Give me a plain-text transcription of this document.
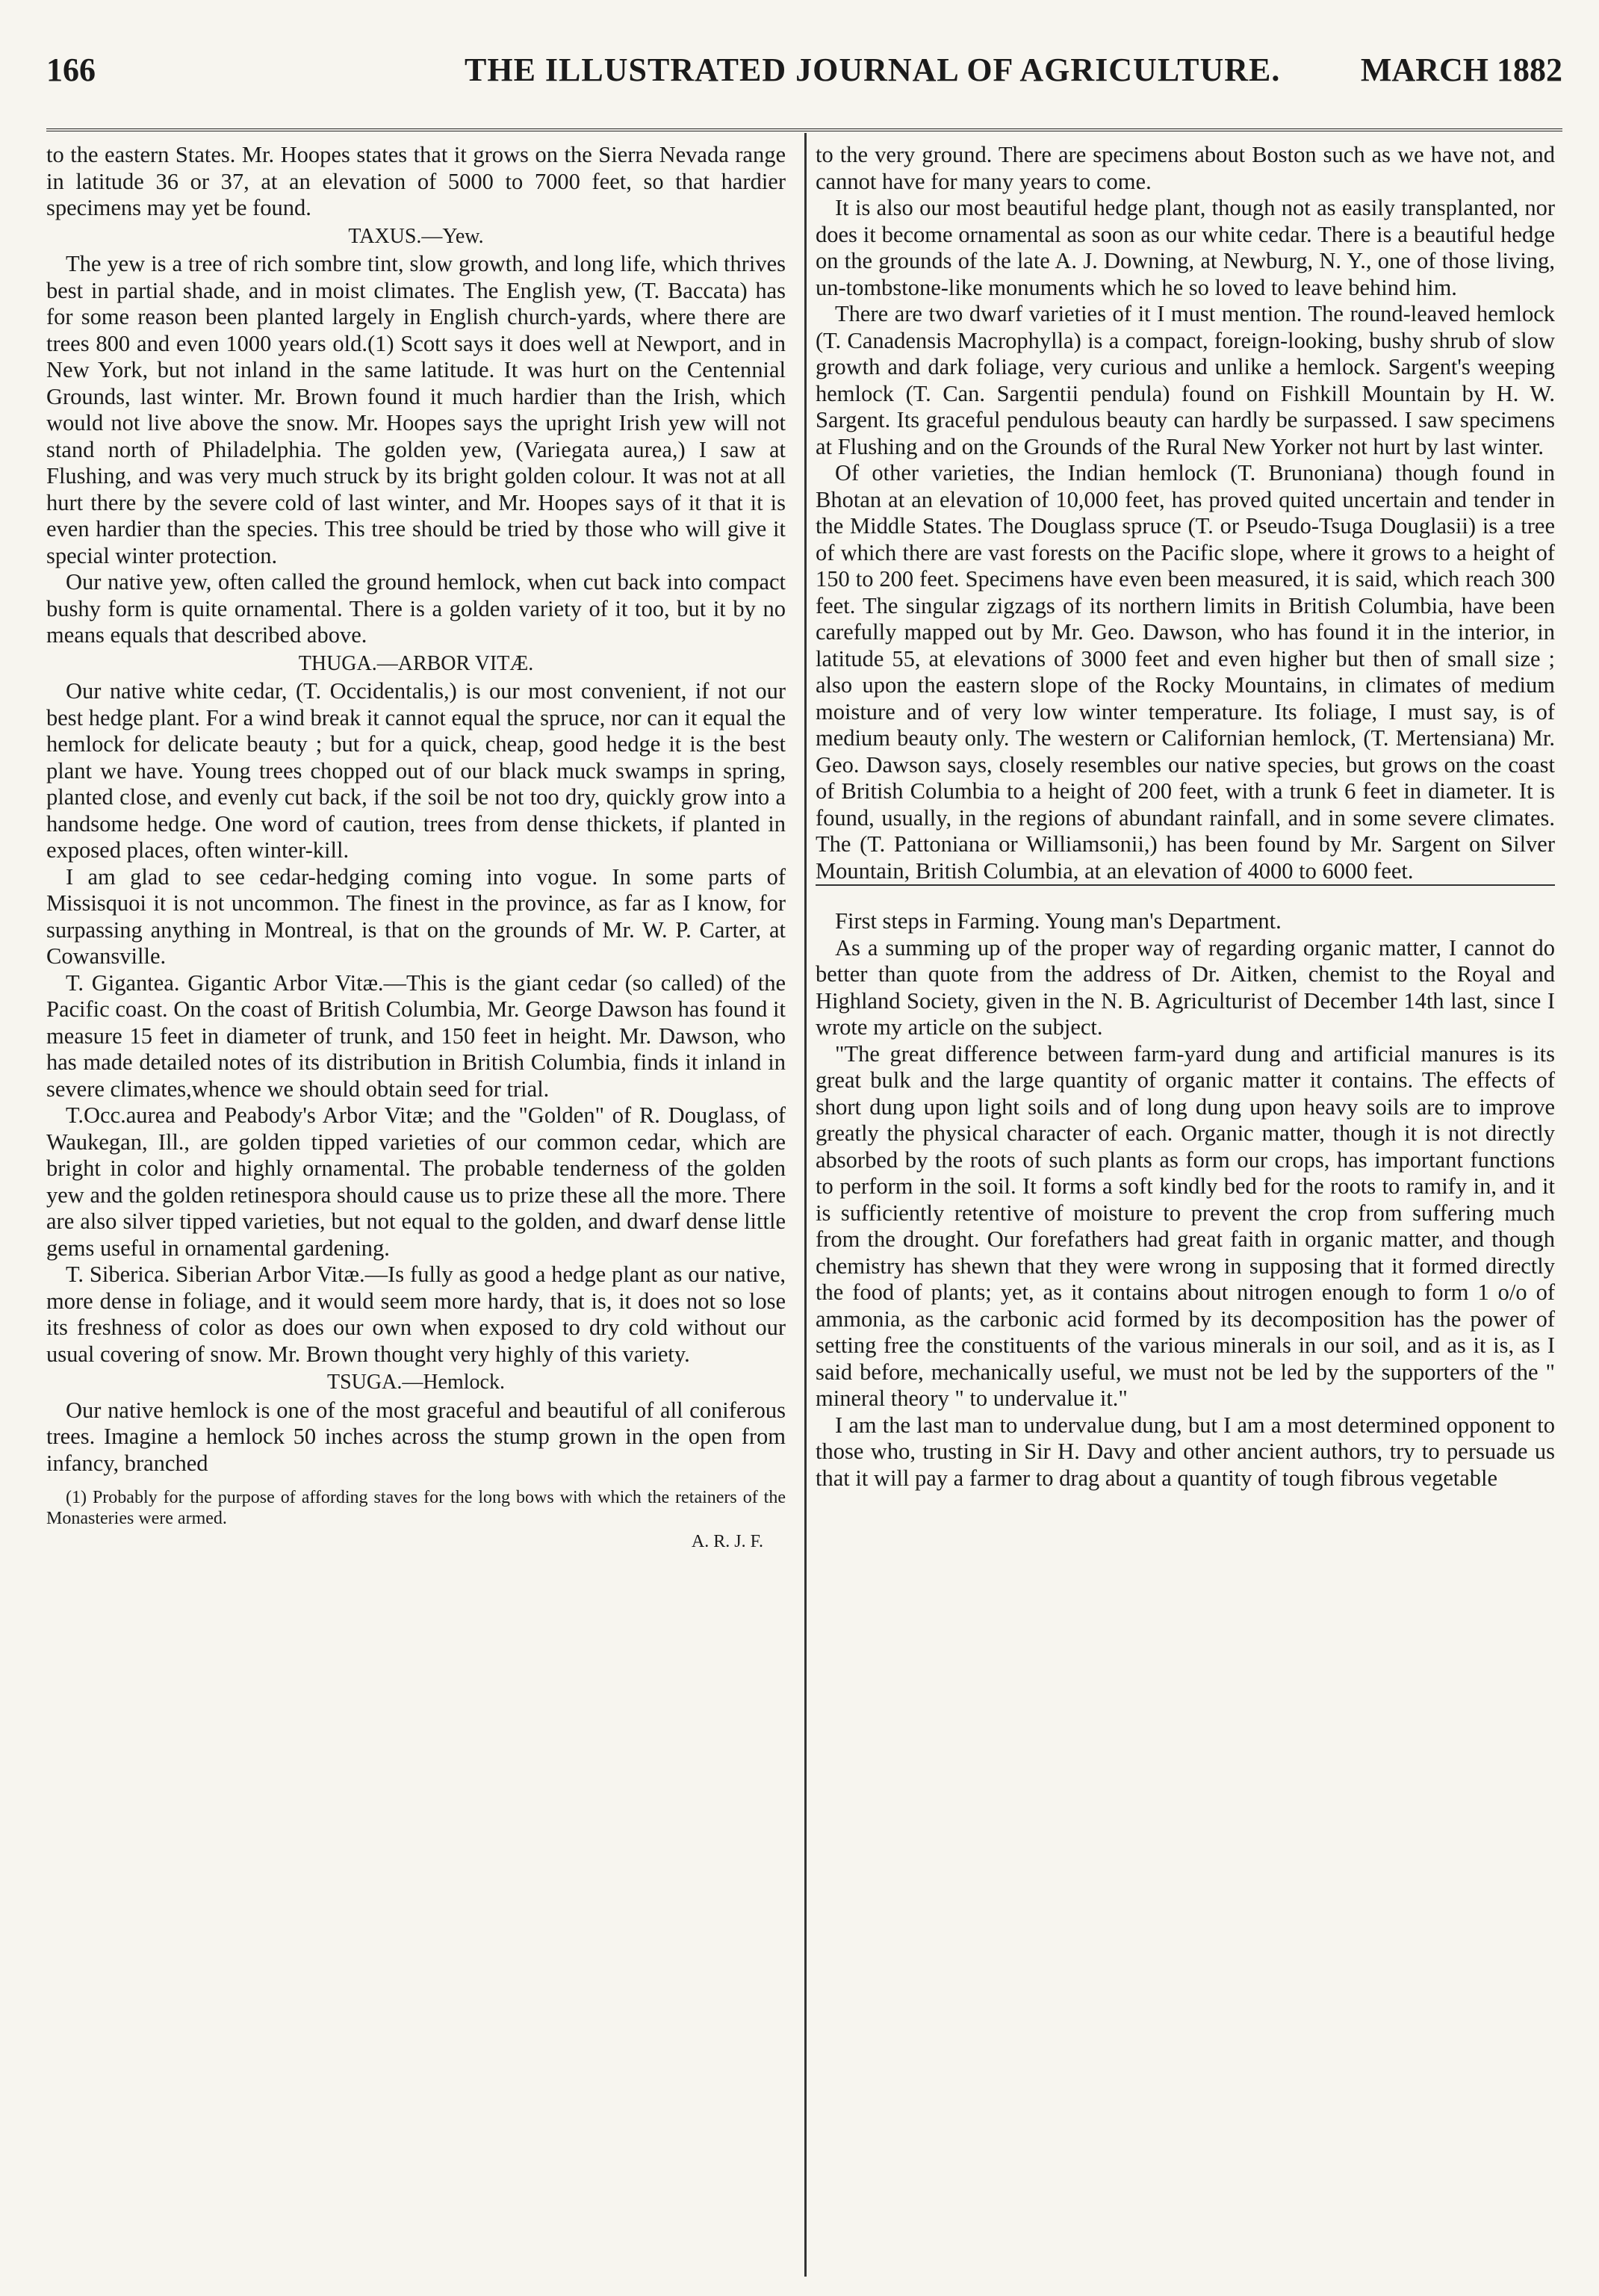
166	THE ILLUSTRATED JOURNAL OF AGRICULTURE. MARCH 1882

to the eastern States. Mr. Hoopes states that it grows on the Sierra Nevada range in latitude 36 or 37, at an elevation of 5000 to 7000 feet, so that hardier specimens may yet be found.

TAXUS.—Yew.

The yew is a tree of rich sombre tint, slow growth, and long life, which thrives best in partial shade, and in moist climates. The English yew, (T. Baccata) has for some reason been planted largely in English church-yards, where there are trees 800 and even 1000 years old.(1) Scott says it does well at Newport, and in New York, but not inland in the same latitude. It was hurt on the Centennial Grounds, last winter. Mr. Brown found it much hardier than the Irish, which would not live above the snow. Mr. Hoopes says the upright Irish yew will not stand north of Philadelphia. The golden yew, (Variegata aurea,) I saw at Flushing, and was very much struck by its bright golden colour. It was not at all hurt there by the severe cold of last winter, and Mr. Hoopes says of it that it is even hardier than the species. This tree should be tried by those who will give it special winter protection.

Our native yew, often called the ground hemlock, when cut back into compact bushy form is quite ornamental. There is a golden variety of it too, but it by no means equals that described above.

THUGA.—ARBOR VITÆ.

Our native white cedar, (T. Occidentalis,) is our most convenient, if not our best hedge plant. For a wind break it cannot equal the spruce, nor can it equal the hemlock for delicate beauty ; but for a quick, cheap, good hedge it is the best plant we have. Young trees chopped out of our black muck swamps in spring, planted close, and evenly cut back, if the soil be not too dry, quickly grow into a handsome hedge. One word of caution, trees from dense thickets, if planted in exposed places, often winter-kill.

I am glad to see cedar-hedging coming into vogue. In some parts of Missisquoi it is not uncommon. The finest in the province, as far as I know, for surpassing anything in Montreal, is that on the grounds of Mr. W. P. Carter, at Cowansville.

T. Gigantea. Gigantic Arbor Vitæ.—This is the giant cedar (so called) of the Pacific coast. On the coast of British Columbia, Mr. George Dawson has found it measure 15 feet in diameter of trunk, and 150 feet in height. Mr. Dawson, who has made detailed notes of its distribution in British Columbia, finds it inland in severe climates,whence we should obtain seed for trial.

T.Occ.aurea and Peabody's Arbor Vitæ; and the "Golden" of R. Douglass, of Waukegan, Ill., are golden tipped varieties of our common cedar, which are bright in color and highly ornamental. The probable tenderness of the golden yew and the golden retinespora should cause us to prize these all the more. There are also silver tipped varieties, but not equal to the golden, and dwarf dense little gems useful in ornamental gardening.

T. Siberica. Siberian Arbor Vitæ.—Is fully as good a hedge plant as our native, more dense in foliage, and it would seem more hardy, that is, it does not so lose its freshness of color as does our own when exposed to dry cold without our usual covering of snow. Mr. Brown thought very highly of this variety.

TSUGA.—Hemlock.

Our native hemlock is one of the most graceful and beautiful of all coniferous trees. Imagine a hemlock 50 inches across the stump grown in the open from infancy, branched

(1) Probably for the purpose of affording staves for the long bows with which the retainers of the Monasteries were armed.
A. R. J. F.

to the very ground. There are specimens about Boston such as we have not, and cannot have for many years to come.

It is also our most beautiful hedge plant, though not as easily transplanted, nor does it become ornamental as soon as our white cedar. There is a beautiful hedge on the grounds of the late A. J. Downing, at Newburg, N. Y., one of those living, un-tombstone-like monuments which he so loved to leave behind him.

There are two dwarf varieties of it I must mention. The round-leaved hemlock (T. Canadensis Macrophylla) is a compact, foreign-looking, bushy shrub of slow growth and dark foliage, very curious and unlike a hemlock. Sargent's weeping hemlock (T. Can. Sargentii pendula) found on Fishkill Mountain by H. W. Sargent. Its graceful pendulous beauty can hardly be surpassed. I saw specimens at Flushing and on the Grounds of the Rural New Yorker not hurt by last winter.

Of other varieties, the Indian hemlock (T. Brunoniana) though found in Bhotan at an elevation of 10,000 feet, has proved quited uncertain and tender in the Middle States. The Douglass spruce (T. or Pseudo-Tsuga Douglasii) is a tree of which there are vast forests on the Pacific slope, where it grows to a height of 150 to 200 feet. Specimens have even been measured, it is said, which reach 300 feet. The singular zigzags of its northern limits in British Columbia, have been carefully mapped out by Mr. Geo. Dawson, who has found it in the interior, in latitude 55, at elevations of 3000 feet and even higher but then of small size ; also upon the eastern slope of the Rocky Mountains, in climates of medium moisture and of very low winter temperature. Its foliage, I must say, is of medium beauty only. The western or Californian hemlock, (T. Mertensiana) Mr. Geo. Dawson says, closely resembles our native species, but grows on the coast of British Columbia to a height of 200 feet, with a trunk 6 feet in diameter. It is found, usually, in the regions of abundant rainfall, and in some severe climates. The (T. Pattoniana or Williamsonii,) has been found by Mr. Sargent on Silver Mountain, British Columbia, at an elevation of 4000 to 6000 feet.

First steps in Farming. Young man's Department.

As a summing up of the proper way of regarding organic matter, I cannot do better than quote from the address of Dr. Aitken, chemist to the Royal and Highland Society, given in the N. B. Agriculturist of December 14th last, since I wrote my article on the subject.

"The great difference between farm-yard dung and artificial manures is its great bulk and the large quantity of organic matter it contains. The effects of short dung upon light soils and of long dung upon heavy soils are to improve greatly the physical character of each. Organic matter, though it is not directly absorbed by the roots of such plants as form our crops, has important functions to perform in the soil. It forms a soft kindly bed for the roots to ramify in, and it is sufficiently retentive of moisture to prevent the crop from suffering much from the drought. Our forefathers had great faith in organic matter, and though chemistry has shewn that they were wrong in supposing that it formed directly the food of plants; yet, as it contains about nitrogen enough to form 1 o/o of ammonia, as the carbonic acid formed by its decomposition has the power of setting free the constituents of the various minerals in our soil, and as it is, as I said before, mechanically useful, we must not be led by the supporters of the " mineral theory " to undervalue it."

I am the last man to undervalue dung, but I am a most determined opponent to those who, trusting in Sir H. Davy and other ancient authors, try to persuade us that it will pay a farmer to drag about a quantity of tough fibrous vegetable
